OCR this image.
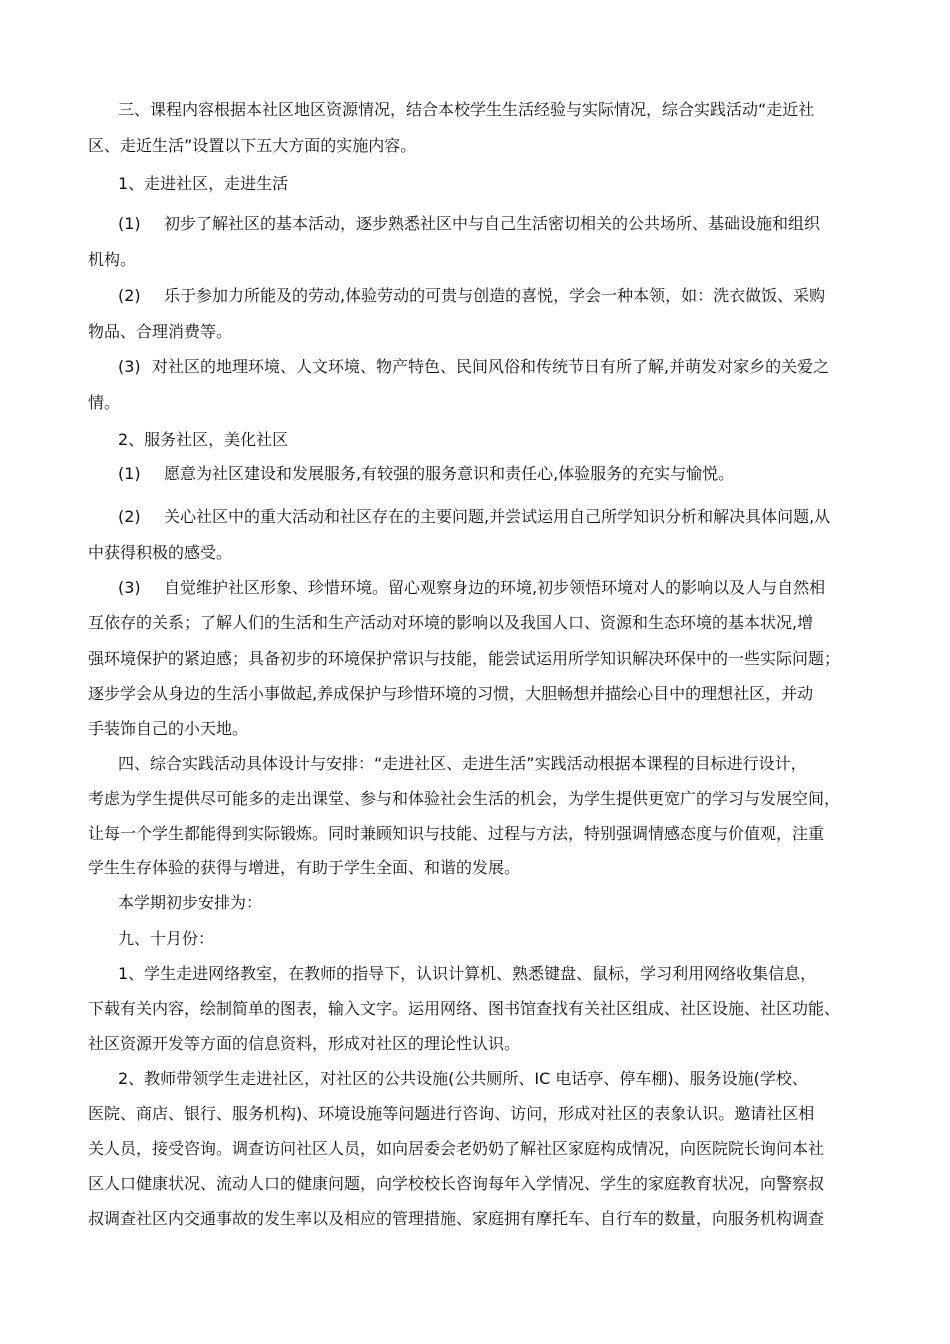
三、课程内容根据本社区地区资源情况，结合本校学生生活经验与实际情况，综合实践活动“走近社
区、走近生活”设置以下五大方面的实施内容。
1、走进社区，走进生活
(1) 初步了解社区的基本活动，逐步熟悉社区中与自己生活密切相关的公共场所、基础设施和组织
机构。
(2) 乐于参加力所能及的劳动,体验劳动的可贵与创造的喜悦，学会一种本领，如：洗衣做饭、采购
物品、合理消费等。
(3) 对社区的地理环境、人文环境、物产特色、民间风俗和传统节日有所了解,并萌发对家乡的关爱之
情。
2、服务社区，美化社区
(1) 愿意为社区建设和发展服务,有较强的服务意识和责任心,体验服务的充实与愉悦。
(2) 关心社区中的重大活动和社区存在的主要问题,并尝试运用自己所学知识分析和解决具体问题,从
中获得积极的感受。
(3) 自觉维护社区形象、珍惜环境。留心观察身边的环境,初步领悟环境对人的影响以及人与自然相
互依存的关系；了解人们的生活和生产活动对环境的影响以及我国人口、资源和生态环境的基本状况,增
强环境保护的紧迫感；具备初步的环境保护常识与技能，能尝试运用所学知识解决环保中的一些实际问题；
逐步学会从身边的生活小事做起,养成保护与珍惜环境的习惯，大胆畅想并描绘心目中的理想社区，并动
手装饰自己的小天地。
四、综合实践活动具体设计与安排：“走进社区、走进生活”实践活动根据本课程的目标进行设计，
考虑为学生提供尽可能多的走出课堂、参与和体验社会生活的机会，为学生提供更宽广的学习与发展空间，
让每一个学生都能得到实际锻炼。同时兼顾知识与技能、过程与方法，特别强调情感态度与价值观，注重
学生生存体验的获得与增进，有助于学生全面、和谐的发展。
本学期初步安排为：
九、十月份：
1、学生走进网络教室，在教师的指导下，认识计算机、熟悉键盘、鼠标，学习利用网络收集信息，
下载有关内容，绘制简单的图表，输入文字。运用网络、图书馆查找有关社区组成、社区设施、社区功能、
社区资源开发等方面的信息资料，形成对社区的理论性认识。
2、教师带领学生走进社区，对社区的公共设施(公共厕所、IC 电话亭、停车棚)、服务设施(学校、
医院、商店、银行、服务机构)、环境设施等问题进行咨询、访问，形成对社区的表象认识。邀请社区相
关人员，接受咨询。调查访问社区人员，如向居委会老奶奶了解社区家庭构成情况，向医院院长询问本社
区人口健康状况、流动人口的健康问题，向学校校长咨询每年入学情况、学生的家庭教育状况，向警察叔
叔调查社区内交通事故的发生率以及相应的管理措施、家庭拥有摩托车、自行车的数量，向服务机构调查
